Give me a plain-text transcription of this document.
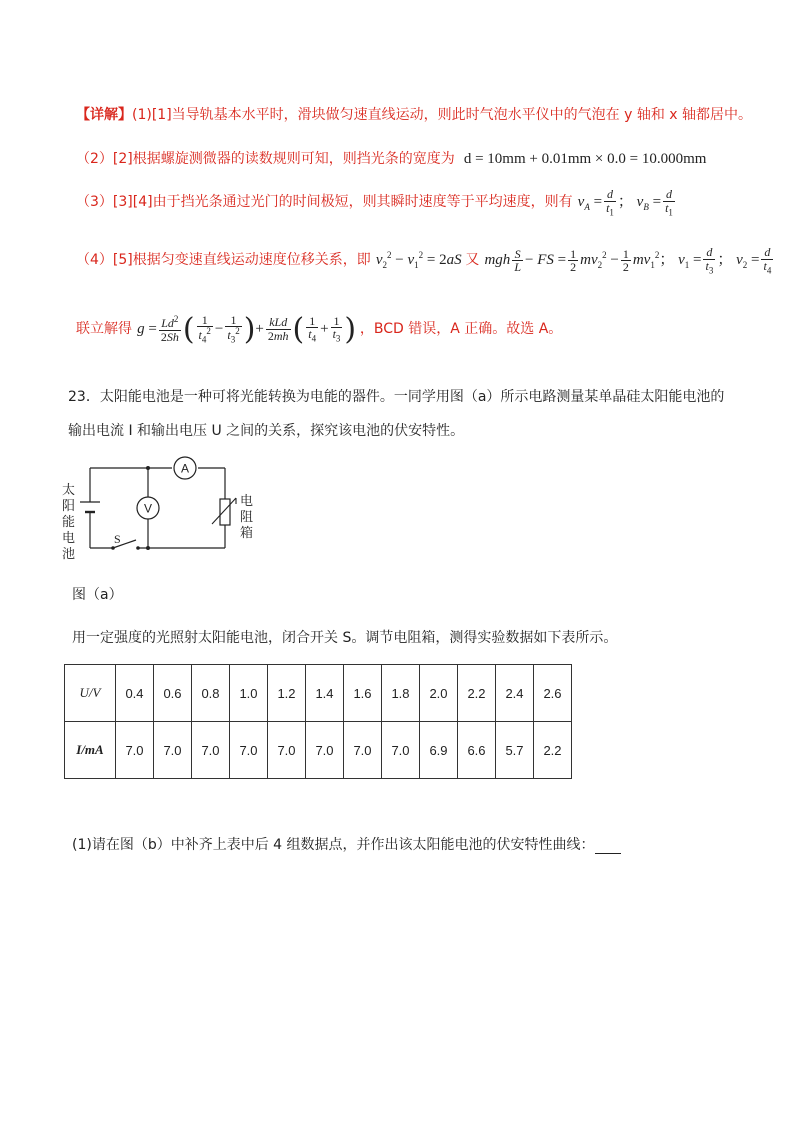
【详解】(1)[1]当导轨基本水平时，滑块做匀速直线运动，则此时气泡水平仪中的气泡在 y 轴和 x 轴都居中。
（2）[2]根据螺旋测微器的读数规则可知，则挡光条的宽度为 d = 10mm + 0.01mm × 0.0 = 10.000mm
（3）[3][4]由于挡光条通过光门的时间极短，则其瞬时速度等于平均速度，则有 $v_A = \frac{d}{t_1}$ ； $v_B = \frac{d}{t_1}$
（4）[5]根据匀变速直线运动速度位移关系，即 $v_2^2 - v_1^2 = 2aS$ 又 mgh $\frac{S}{L}$ − FS = $\frac{1}{2} mv_2^2 - \frac{1}{2} mv_1^2$； $v_1 = \frac{d}{t_3}$ ； $v_2 = \frac{d}{t_4}$
联立解得 $g = \frac{Ld^2}{2Sh}$ ( $\frac{1}{t_4^2} - \frac{1}{t_3^2}$ )+ $\frac{\text{kLd}}{2mh}$ ( $\frac{1}{t_4} + \frac{1}{t_3}$ ) ，BCD 错误，A 正确。故选 A。
23．太阳能电池是一种可将光能转换为电能的器件。一同学用图（a）所示电路测量某单晶硅太阳能电池的
输出电流 I 和输出电压 U 之间的关系，探究该电池的伏安特性。
S
A
V
太阳能电池
电阻箱
图（a）
用一定强度的光照射太阳能电池，闭合开关 S。调节电阻箱，测得实验数据如下表所示。
U/V	0.4	0.6	0.8	1.0	1.2	1.4	1.6	1.8	2.0	2.2	2.4	2.6
I/mA	7.0	7.0	7.0	7.0	7.0	7.0	7.0	7.0	6.9	6.6	5.7	2.2
(1)请在图（b）中补齐上表中后 4 组数据点，并作出该太阳能电池的伏安特性曲线：
